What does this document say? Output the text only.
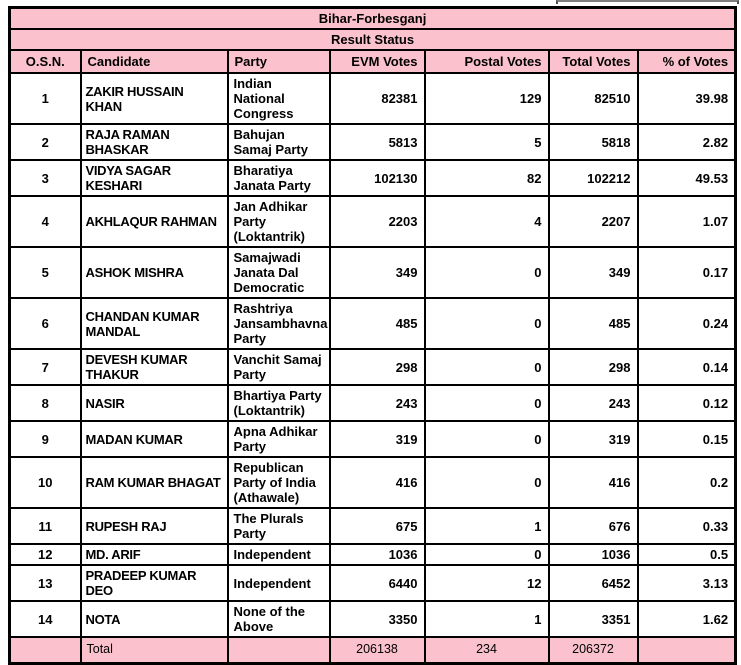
Bihar-Forbesganj						
Result Status						
O.S.N.	Candidate	Party	EVM Votes	Postal Votes	Total Votes	% of Votes
1	ZAKIR HUSSAIN KHAN	Indian National Congress	82381	129	82510	39.98
2	RAJA RAMAN BHASKAR	Bahujan Samaj Party	5813	5	5818	2.82
3	VIDYA SAGAR KESHARI	Bharatiya Janata Party	102130	82	102212	49.53
4	AKHLAQUR RAHMAN	Jan Adhikar Party (Loktantrik)	2203	4	2207	1.07
5	ASHOK MISHRA	Samajwadi Janata Dal Democratic	349	0	349	0.17
6	CHANDAN KUMAR MANDAL	Rashtriya Jansambhavna Party	485	0	485	0.24
7	DEVESH KUMAR THAKUR	Vanchit Samaj Party	298	0	298	0.14
8	NASIR	Bhartiya Party (Loktantrik)	243	0	243	0.12
9	MADAN KUMAR	Apna Adhikar Party	319	0	319	0.15
10	RAM KUMAR BHAGAT	Republican Party of India (Athawale)	416	0	416	0.2
11	RUPESH RAJ	The Plurals Party	675	1	676	0.33
12	MD. ARIF	Independent	1036	0	1036	0.5
13	PRADEEP KUMAR DEO	Independent	6440	12	6452	3.13
14	NOTA	None of the Above	3350	1	3351	1.62
	Total		206138	234	206372	
